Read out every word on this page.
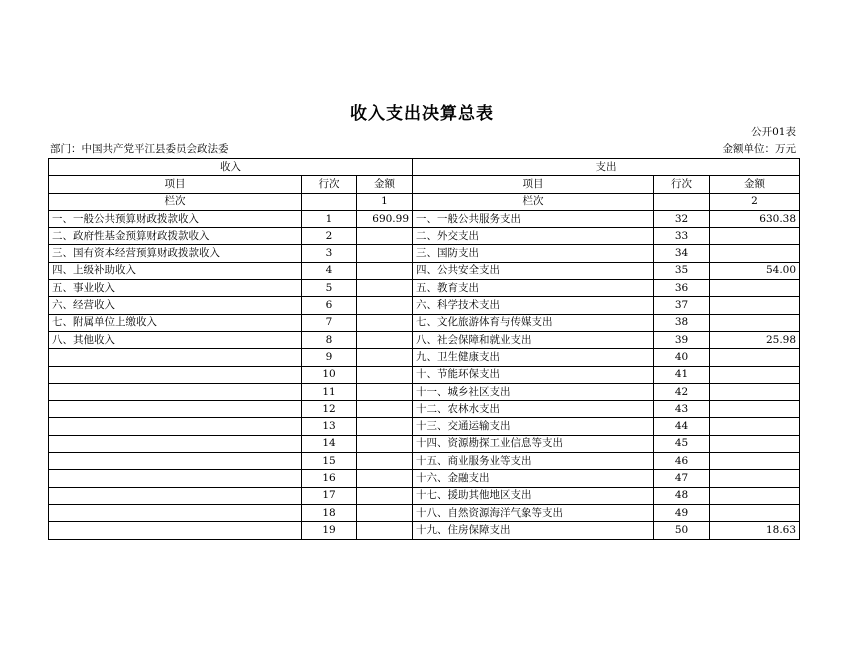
收入支出决算总表
公开01表
部门：中国共产党平江县委员会政法委	金额单位：万元
收入			支出		
项目	行次	金额	项目	行次	金额
栏次		1	栏次		2
一、一般公共预算财政拨款收入	1	690.99	一、一般公共服务支出	32	630.38
二、政府性基金预算财政拨款收入	2		二、外交支出	33	
三、国有资本经营预算财政拨款收入	3		三、国防支出	34	
四、上级补助收入	4		四、公共安全支出	35	54.00
五、事业收入	5		五、教育支出	36	
六、经营收入	6		六、科学技术支出	37	
七、附属单位上缴收入	7		七、文化旅游体育与传媒支出	38	
八、其他收入	8		八、社会保障和就业支出	39	25.98
	9		九、卫生健康支出	40	
	10		十、节能环保支出	41	
	11		十一、城乡社区支出	42	
	12		十二、农林水支出	43	
	13		十三、交通运输支出	44	
	14		十四、资源勘探工业信息等支出	45	
	15		十五、商业服务业等支出	46	
	16		十六、金融支出	47	
	17		十七、援助其他地区支出	48	
	18		十八、自然资源海洋气象等支出	49	
	19		十九、住房保障支出	50	18.63
